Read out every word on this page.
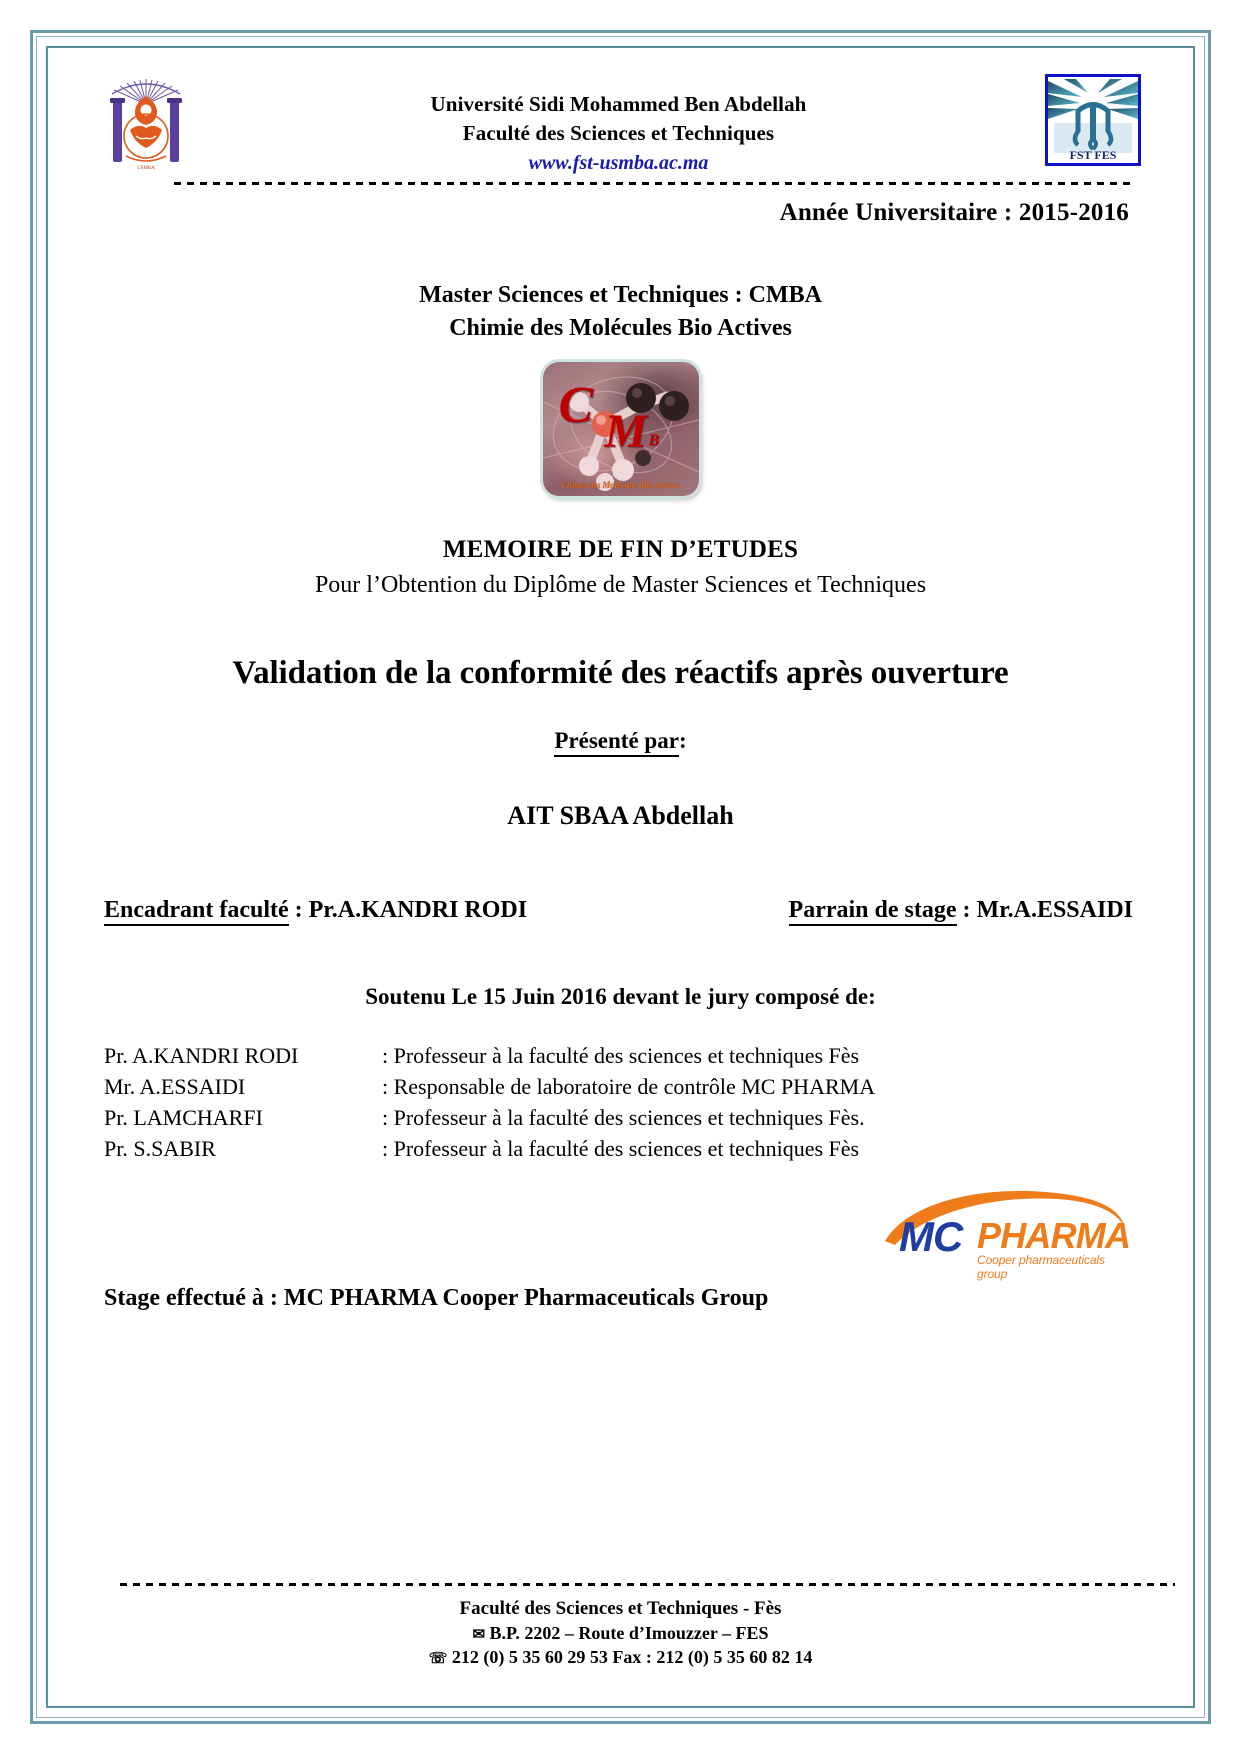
USMBA
Université Sidi Mohammed Ben Abdellah
Faculté des Sciences et Techniques
www.fst-usmba.ac.ma	FST FES
Année Universitaire : 2015-2016
Master Sciences et Techniques : CMBA
Chimie des Molécules Bio Actives
C M B
Chimie des Molécules Bio Actives
MEMOIRE DE FIN D’ETUDES
Pour l’Obtention du Diplôme de Master Sciences et Techniques
Validation de la conformité des réactifs après ouverture
Présenté par:
AIT SBAA Abdellah
Encadrant faculté : Pr.A.KANDRI RODI	Parrain de stage : Mr.A.ESSAIDI
Soutenu Le 15 Juin 2016 devant le jury composé de:
Pr. A.KANDRI RODI	: Professeur à la faculté des sciences et techniques Fès
Mr. A.ESSAIDI	: Responsable de laboratoire de contrôle MC PHARMA
Pr. LAMCHARFI	: Professeur à la faculté des sciences et techniques Fès.
Pr. S.SABIR	: Professeur à la faculté des sciences et techniques Fès
MC PHARMA
Cooper pharmaceuticals group
Stage effectué à : MC PHARMA Cooper Pharmaceuticals Group
Faculté des Sciences et Techniques - Fès
✉ B.P. 2202 – Route d’Imouzzer – FES
☏ 212 (0) 5 35 60 29 53 Fax : 212 (0) 5 35 60 82 14
